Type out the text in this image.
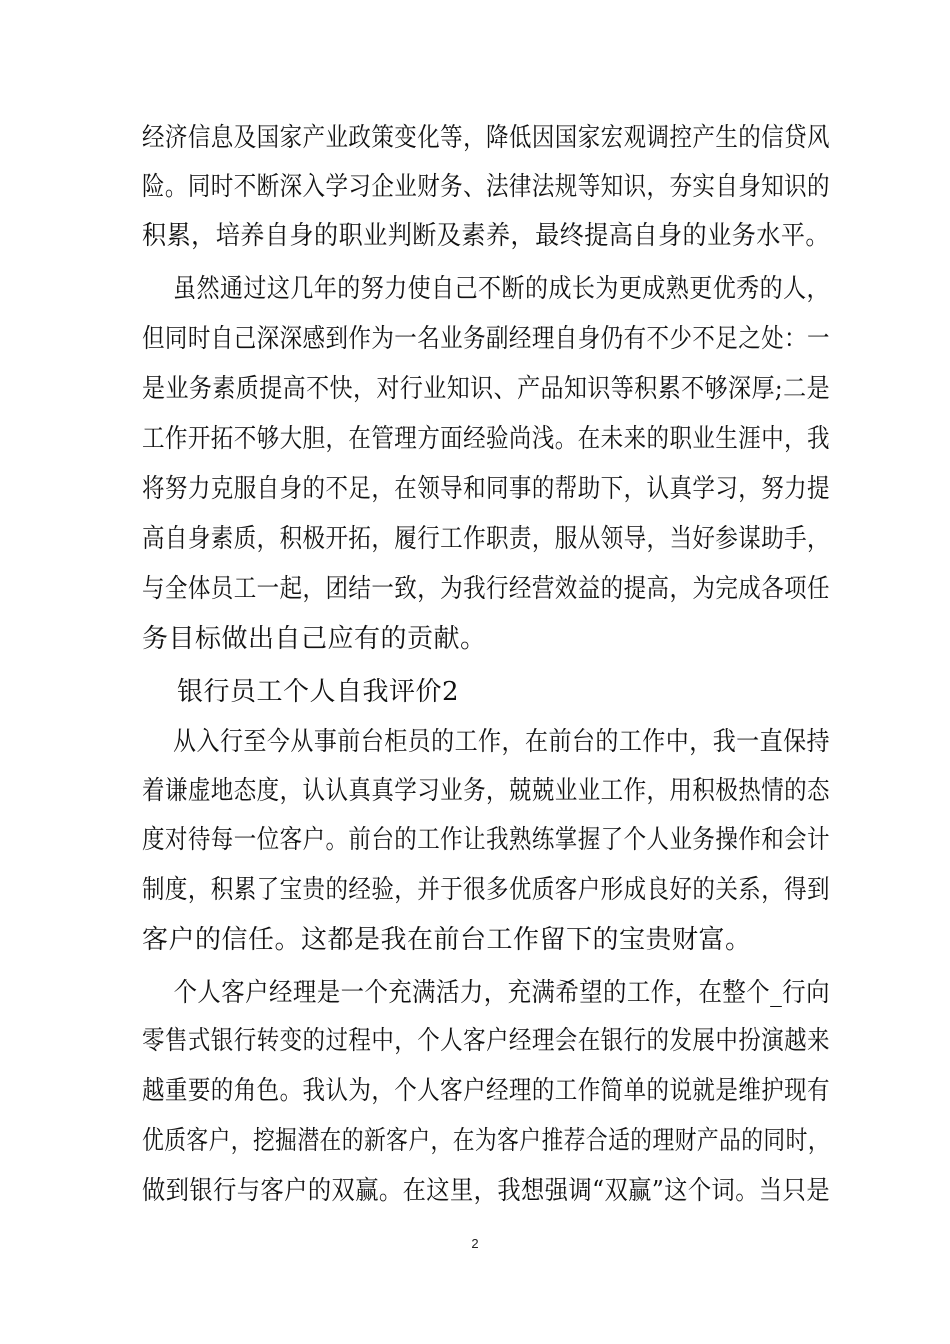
经济信息及国家产业政策变化等，降低因国家宏观调控产生的信贷风

险。同时不断深入学习企业财务、法律法规等知识，夯实自身知识的

积累，培养自身的职业判断及素养，最终提高自身的业务水平。

虽然通过这几年的努力使自己不断的成长为更成熟更优秀的人，

但同时自己深深感到作为一名业务副经理自身仍有不少不足之处：一

是业务素质提高不快，对行业知识、产品知识等积累不够深厚;二是

工作开拓不够大胆，在管理方面经验尚浅。在未来的职业生涯中，我

将努力克服自身的不足，在领导和同事的帮助下，认真学习，努力提

高自身素质，积极开拓，履行工作职责，服从领导，当好参谋助手，

与全体员工一起，团结一致，为我行经营效益的提高，为完成各项任

务目标做出自己应有的贡献。

银行员工个人自我评价2

从入行至今从事前台柜员的工作，在前台的工作中，我一直保持

着谦虚地态度，认认真真学习业务，兢兢业业工作，用积极热情的态

度对待每一位客户。前台的工作让我熟练掌握了个人业务操作和会计

制度，积累了宝贵的经验，并于很多优质客户形成良好的关系，得到

客户的信任。这都是我在前台工作留下的宝贵财富。

个人客户经理是一个充满活力，充满希望的工作，在整个_行向

零售式银行转变的过程中，个人客户经理会在银行的发展中扮演越来

越重要的角色。我认为，个人客户经理的工作简单的说就是维护现有

优质客户，挖掘潜在的新客户，在为客户推荐合适的理财产品的同时，

做到银行与客户的双赢。在这里，我想强调“双赢”这个词。当只是

2
